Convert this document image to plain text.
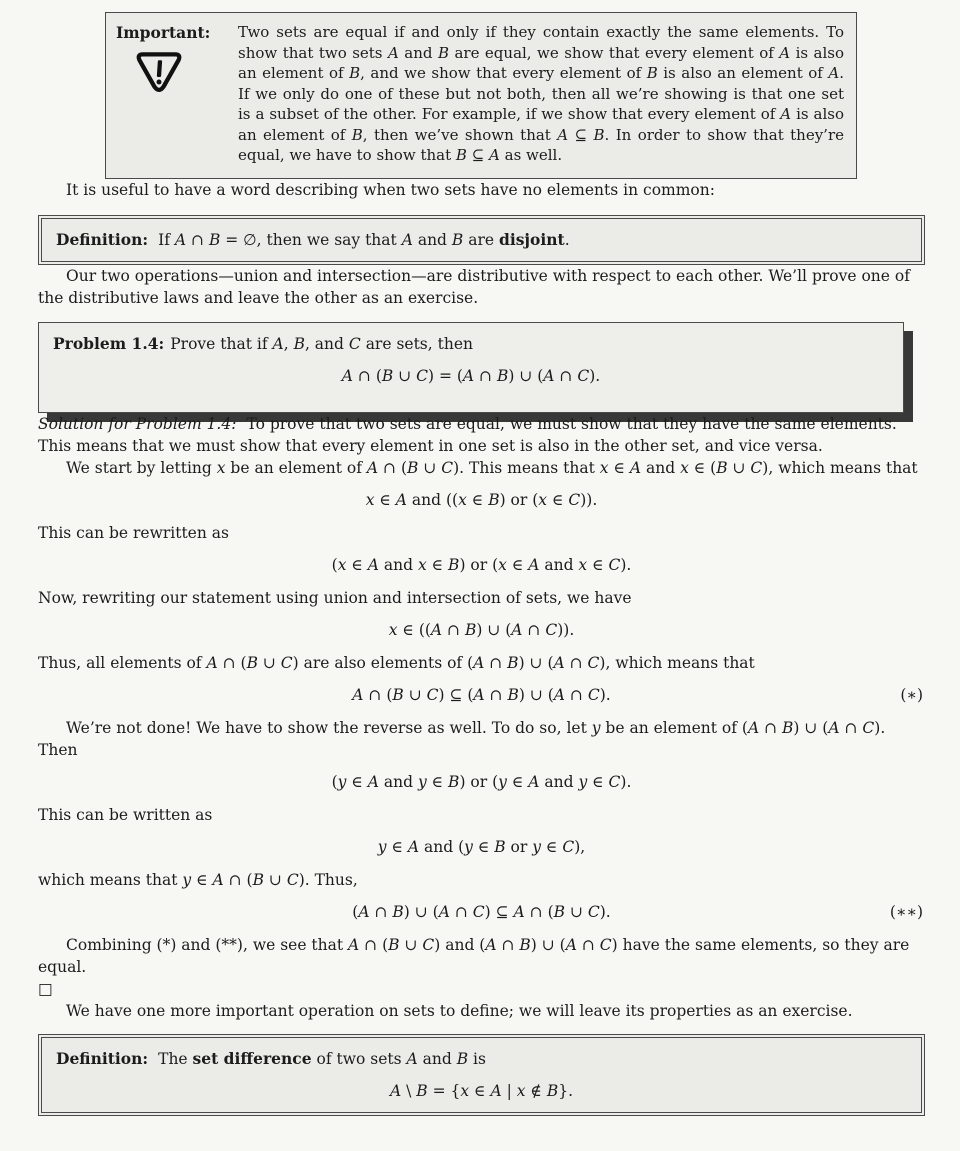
Important:	Two sets are equal if and only if they contain exactly the same elements. To show that two sets A and B are equal, we show that every element of A is also an element of B, and we show that every element of B is also an element of A. If we only do one of these but not both, then all we’re showing is that one set is a subset of the other. For example, if we show that every element of A is also an element of B, then we’ve shown that A ⊆ B. In order to show that they’re equal, we have to show that B ⊆ A as well.

It is useful to have a word describing when two sets have no elements in common:

Definition: If A ∩ B = ∅, then we say that A and B are disjoint.

Our two operations—union and intersection—are distributive with respect to each other. We’ll prove one of the distributive laws and leave the other as an exercise.

Problem 1.4: Prove that if A, B, and C are sets, then

A ∩ (B ∪ C) = (A ∩ B) ∪ (A ∩ C).

Solution for Problem 1.4: To prove that two sets are equal, we must show that they have the same elements. This means that we must show that every element in one set is also in the other set, and vice versa.

We start by letting x be an element of A ∩ (B ∪ C). This means that x ∈ A and x ∈ (B ∪ C), which means that

x ∈ A and ((x ∈ B) or (x ∈ C)).

This can be rewritten as

(x ∈ A and x ∈ B) or (x ∈ A and x ∈ C).

Now, rewriting our statement using union and intersection of sets, we have

x ∈ ((A ∩ B) ∪ (A ∩ C)).

Thus, all elements of A ∩ (B ∪ C) are also elements of (A ∩ B) ∪ (A ∩ C), which means that

A ∩ (B ∪ C) ⊆ (A ∩ B) ∪ (A ∩ C).	(∗)

We’re not done! We have to show the reverse as well. To do so, let y be an element of (A ∩ B) ∪ (A ∩ C). Then

(y ∈ A and y ∈ B) or (y ∈ A and y ∈ C).

This can be written as

y ∈ A and (y ∈ B or y ∈ C),

which means that y ∈ A ∩ (B ∪ C). Thus,

(A ∩ B) ∪ (A ∩ C) ⊆ A ∩ (B ∪ C).	(∗∗)

Combining (*) and (**), we see that A ∩ (B ∪ C) and (A ∩ B) ∪ (A ∩ C) have the same elements, so they are equal.

□

We have one more important operation on sets to define; we will leave its properties as an exercise.

Definition: The set difference of two sets A and B is

A \ B = {x ∈ A | x ∉ B}.
